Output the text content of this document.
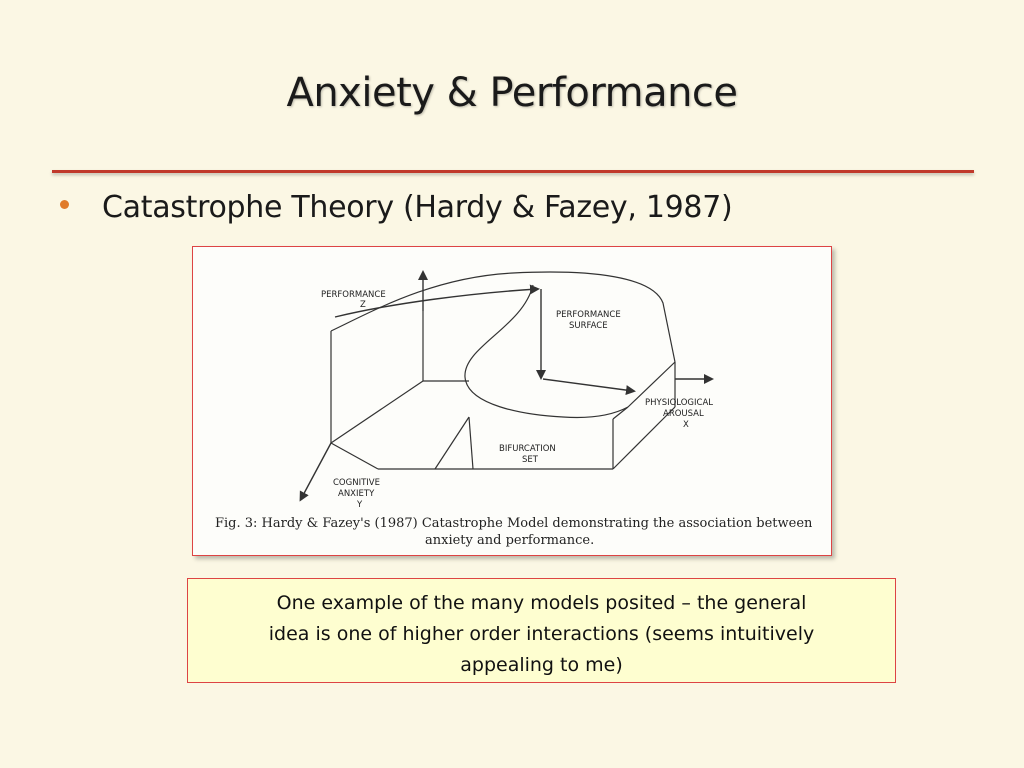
Anxiety & Performance
Catastrophe Theory (Hardy & Fazey, 1987)
PERFORMANCE
Z
PERFORMANCE
SURFACE
PHYSIOLOGICAL
AROUSAL
X
BIFURCATION
SET
COGNITIVE
ANXIETY
Y
Fig. 3: Hardy & Fazey's (1987) Catastrophe Model demonstrating the association between
anxiety and performance.
One example of the many models posited – the general
idea is one of higher order interactions (seems intuitively
appealing to me)
